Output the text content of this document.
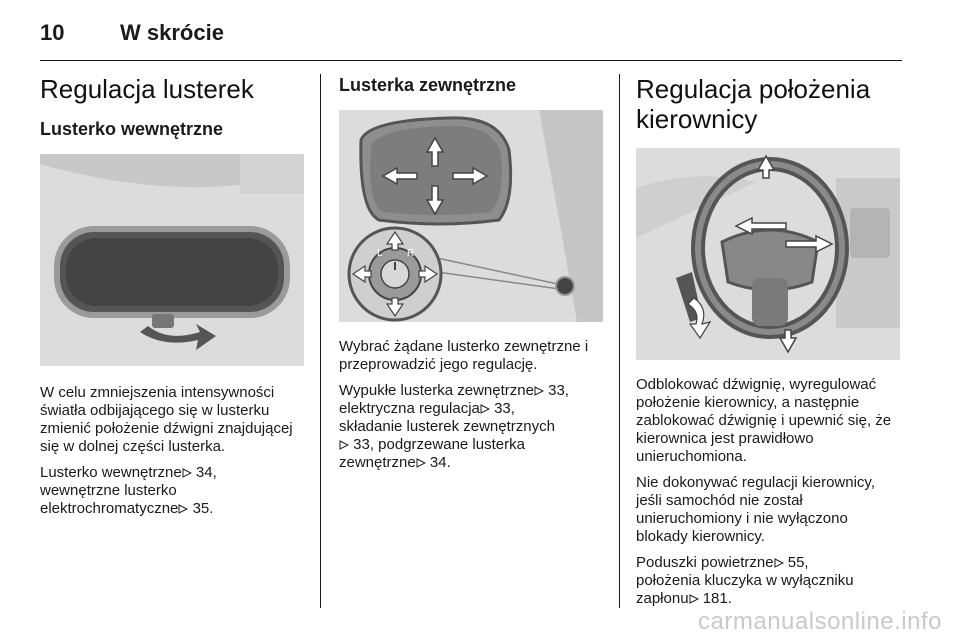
10	W skrócie
Regulacja lusterek
Lusterko wewnętrzne

W celu zmniejszenia intensywności światła odbijającego się w lusterku zmienić położenie dźwigni znajdującej się w dolnej części lusterka.

Lusterko wewnętrzne 34,
wewnętrzne lusterko elektrochromatyczne 35.

Lusterka zewnętrzne
L R

Wybrać żądane lusterko zewnętrzne i przeprowadzić jego regulację.

Wypukłe lusterka zewnętrzne 33,
elektryczna regulacja 33,
składanie lusterek zewnętrznych
33, podgrzewane lusterka zewnętrzne 34.

Regulacja położenia kierownicy

Odblokować dźwignię, wyregulować położenie kierownicy, a następnie zablokować dźwignię i upewnić się, że kierownica jest prawidłowo unieruchomiona.

Nie dokonywać regulacji kierownicy, jeśli samochód nie został unieruchomiony i nie wyłączono blokady kierownicy.

Poduszki powietrzne 55,
położenia kluczyka w wyłączniku zapłonu 181.

carmanualsonline.info
